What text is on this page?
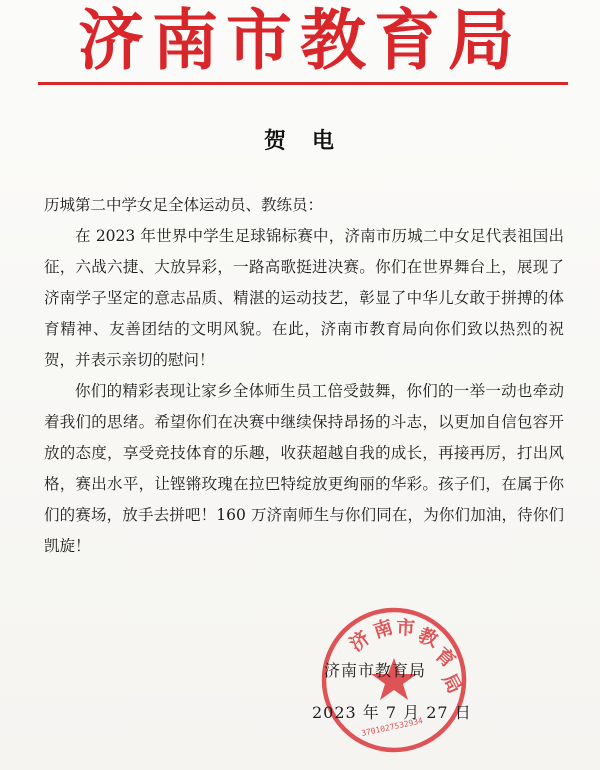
济南市教育局
贺　电

历城第二中学女足全体运动员、教练员：

在 2023 年世界中学生足球锦标赛中，济南市历城二中女足代表祖国出征，六战六捷、大放异彩，一路高歌挺进决赛。你们在世界舞台上，展现了济南学子坚定的意志品质、精湛的运动技艺，彰显了中华儿女敢于拼搏的体育精神、友善团结的文明风貌。在此，济南市教育局向你们致以热烈的祝贺，并表示亲切的慰问！

你们的精彩表现让家乡全体师生员工倍受鼓舞，你们的一举一动也牵动着我们的思绪。希望你们在决赛中继续保持昂扬的斗志，以更加自信包容开放的态度，享受竞技体育的乐趣，收获超越自我的成长，再接再厉，打出风格，赛出水平，让铿锵玫瑰在拉巴特绽放更绚丽的华彩。孩子们，在属于你们的赛场，放手去拼吧！160 万济南师生与你们同在，为你们加油，待你们凯旋！

济
南 市 教
育
局
3701027532934
济南市教育局
2023 年 7 月 27 日
